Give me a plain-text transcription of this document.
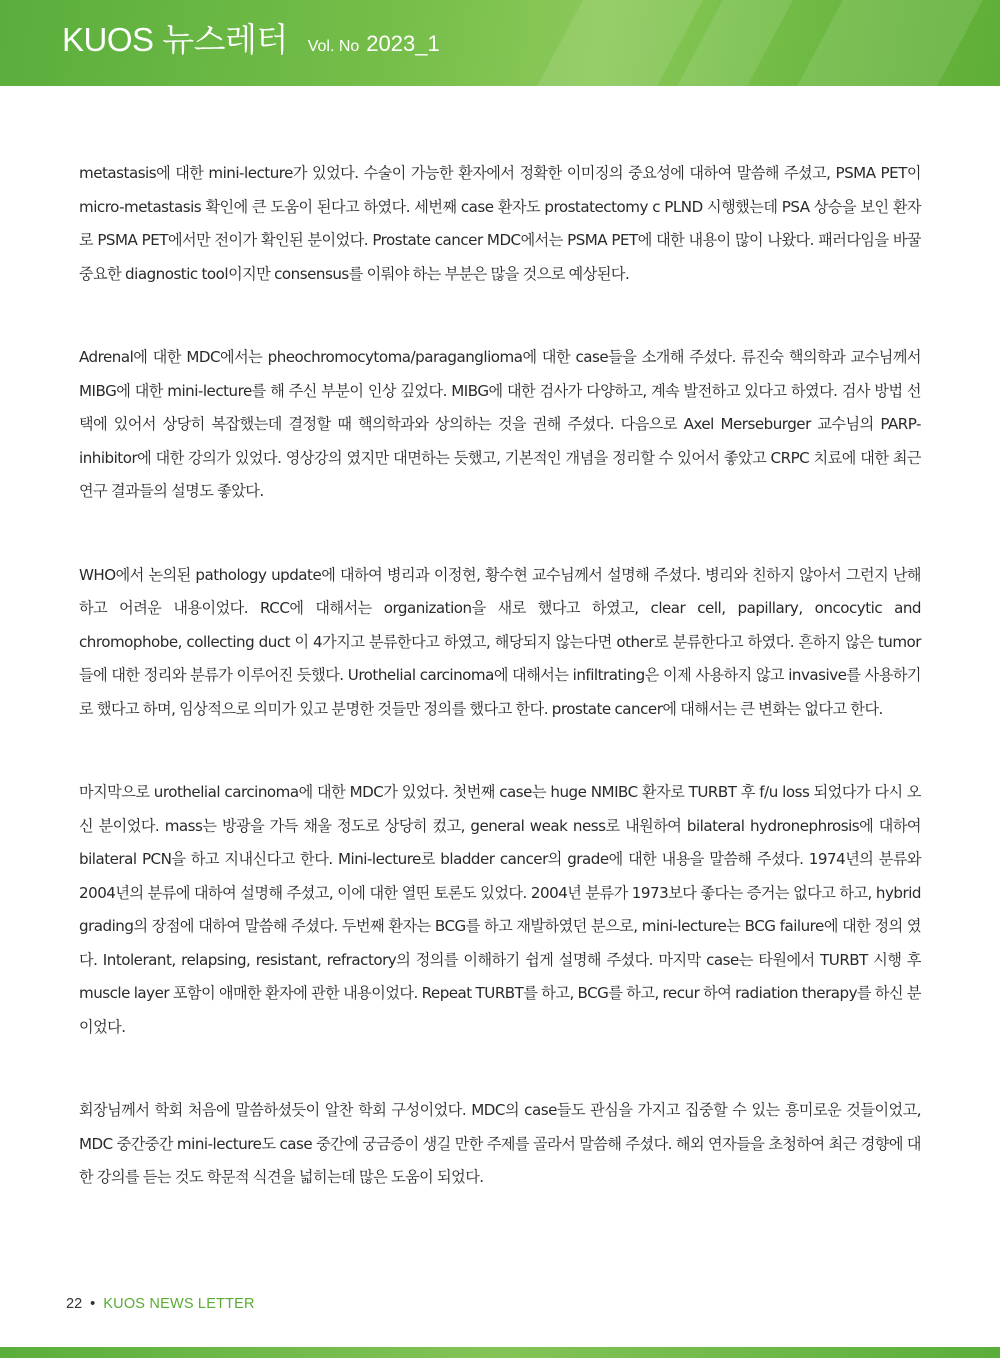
KUOS 뉴스레터 Vol. No 2023_1

metastasis에 대한 mini-lecture가 있었다. 수술이 가능한 환자에서 정확한 이미징의 중요성에 대하여 말씀해 주셨고, PSMA PET이 micro-metastasis 확인에 큰 도움이 된다고 하였다. 세번째 case 환자도 prostatectomy c PLND 시행했는데 PSA 상승을 보인 환자로 PSMA PET에서만 전이가 확인된 분이었다. Prostate cancer MDC에서는 PSMA PET에 대한 내용이 많이 나왔다. 패러다임을 바꿀 중요한 diagnostic tool이지만 consensus를 이뤄야 하는 부분은 많을 것으로 예상된다.

Adrenal에 대한 MDC에서는 pheochromocytoma/paraganglioma에 대한 case들을 소개해 주셨다. 류진숙 핵의학과 교수님께서 MIBG에 대한 mini-lecture를 해 주신 부분이 인상 깊었다. MIBG에 대한 검사가 다양하고, 계속 발전하고 있다고 하였다. 검사 방법 선택에 있어서 상당히 복잡했는데 결정할 때 핵의학과와 상의하는 것을 권해 주셨다. 다음으로 Axel Merseburger 교수님의 PARP-inhibitor에 대한 강의가 있었다. 영상강의 였지만 대면하는 듯했고, 기본적인 개념을 정리할 수 있어서 좋았고 CRPC 치료에 대한 최근 연구 결과들의 설명도 좋았다.

WHO에서 논의된 pathology update에 대하여 병리과 이정현, 황수현 교수님께서 설명해 주셨다. 병리와 친하지 않아서 그런지 난해하고 어려운 내용이었다. RCC에 대해서는 organization을 새로 했다고 하였고, clear cell, papillary, oncocytic and chromophobe, collecting duct 이 4가지고 분류한다고 하였고, 해당되지 않는다면 other로 분류한다고 하였다. 흔하지 않은 tumor 들에 대한 정리와 분류가 이루어진 듯했다. Urothelial carcinoma에 대해서는 infiltrating은 이제 사용하지 않고 invasive를 사용하기로 했다고 하며, 임상적으로 의미가 있고 분명한 것들만 정의를 했다고 한다. prostate cancer에 대해서는 큰 변화는 없다고 한다.

마지막으로 urothelial carcinoma에 대한 MDC가 있었다. 첫번째 case는 huge NMIBC 환자로 TURBT 후 f/u loss 되었다가 다시 오신 분이었다. mass는 방광을 가득 채울 정도로 상당히 컸고, general weak ness로 내원하여 bilateral hydronephrosis에 대하여 bilateral PCN을 하고 지내신다고 한다. Mini-lecture로 bladder cancer의 grade에 대한 내용을 말씀해 주셨다. 1974년의 분류와 2004년의 분류에 대하여 설명해 주셨고, 이에 대한 열띤 토론도 있었다. 2004년 분류가 1973보다 좋다는 증거는 없다고 하고, hybrid grading의 장점에 대하여 말씀해 주셨다. 두번째 환자는 BCG를 하고 재발하였던 분으로, mini-lecture는 BCG failure에 대한 정의 였다. Intolerant, relapsing, resistant, refractory의 정의를 이해하기 쉽게 설명해 주셨다. 마지막 case는 타원에서 TURBT 시행 후 muscle layer 포함이 애매한 환자에 관한 내용이었다. Repeat TURBT를 하고, BCG를 하고, recur 하여 radiation therapy를 하신 분이었다.

회장님께서 학회 처음에 말씀하셨듯이 알찬 학회 구성이었다. MDC의 case들도 관심을 가지고 집중할 수 있는 흥미로운 것들이었고, MDC 중간중간 mini-lecture도 case 중간에 궁금증이 생길 만한 주제를 골라서 말씀해 주셨다. 해외 연자들을 초청하여 최근 경향에 대한 강의를 듣는 것도 학문적 식견을 넓히는데 많은 도움이 되었다.

22 • KUOS NEWS LETTER
